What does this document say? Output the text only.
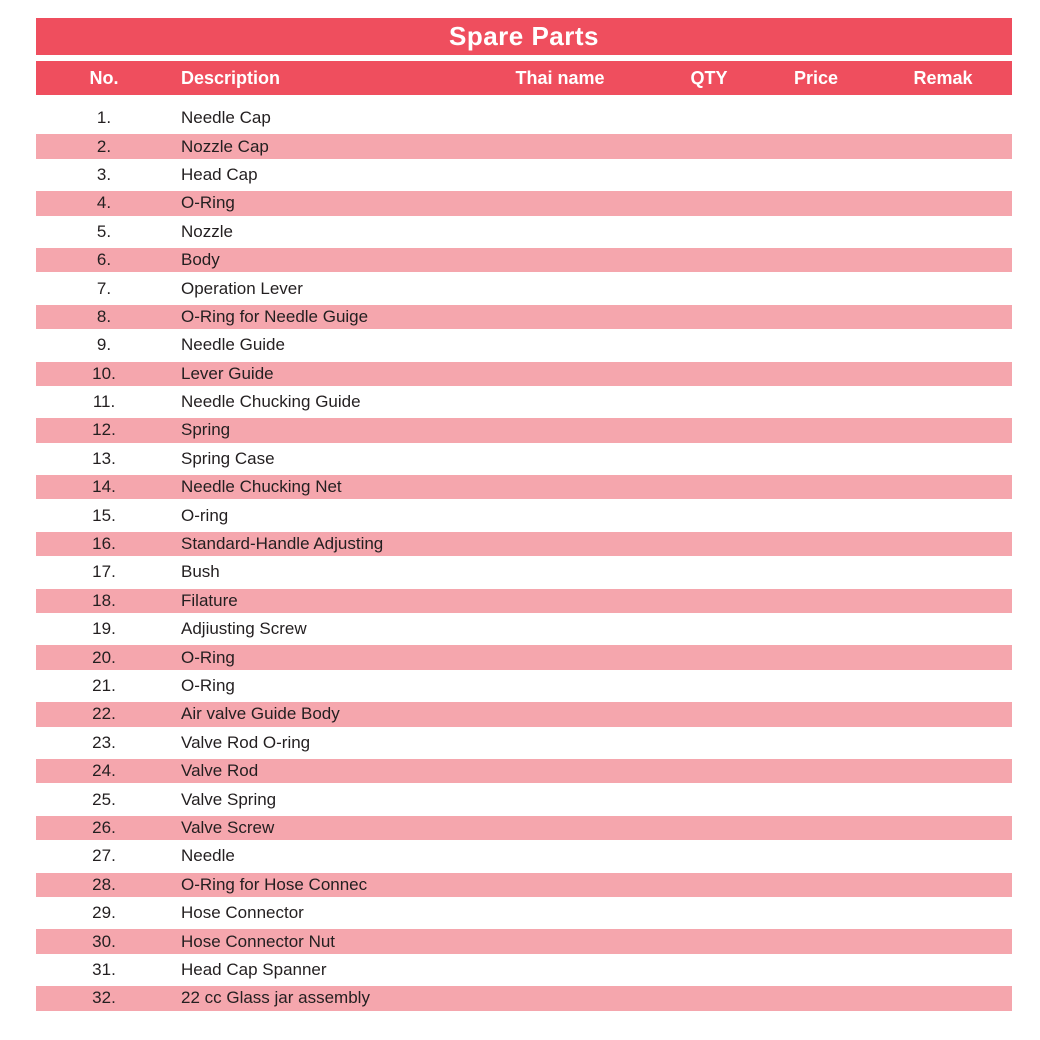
Spare Parts
No.	Description	Thai name	QTY	Price	Remak
1.	Needle Cap
2.	Nozzle Cap
3.	Head Cap
4.	O-Ring
5.	Nozzle
6.	Body
7.	Operation Lever
8.	O-Ring for Needle Guige
9.	Needle Guide
10.	Lever Guide
11.	Needle Chucking Guide
12.	Spring
13.	Spring Case
14.	Needle Chucking Net
15.	O-ring
16.	Standard-Handle Adjusting
17.	Bush
18.	Filature
19.	Adjiusting Screw
20.	O-Ring
21.	O-Ring
22.	Air valve Guide Body
23.	Valve Rod O-ring
24.	Valve Rod
25.	Valve Spring
26.	Valve Screw
27.	Needle
28.	O-Ring for Hose Connec
29.	Hose Connector
30.	Hose Connector Nut
31.	Head Cap Spanner
32.	22 cc Glass jar assembly
